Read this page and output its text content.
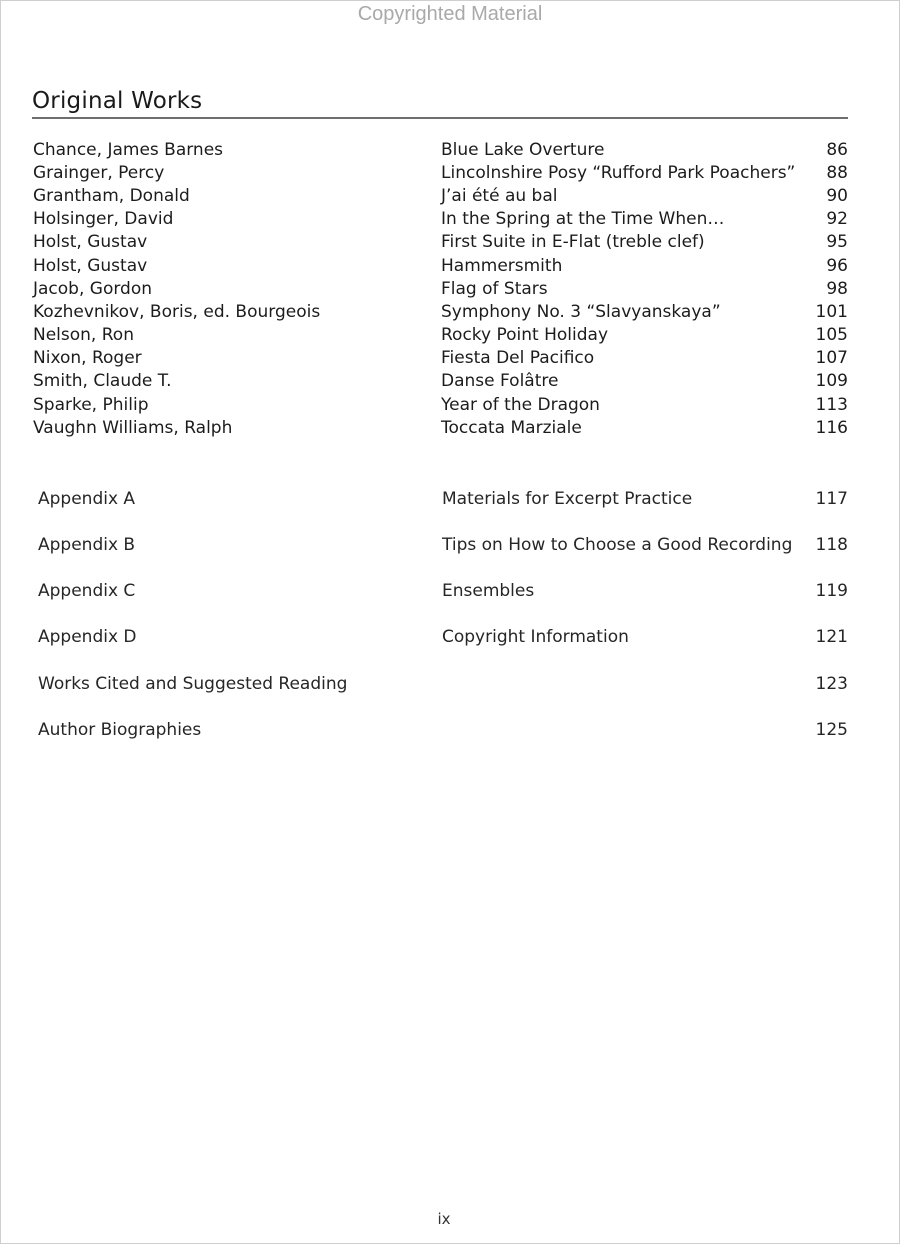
Copyrighted Material
Original Works
Chance, James Barnes	Blue Lake Overture	86
Grainger, Percy	Lincolnshire Posy “Rufford Park Poachers” 88
Grantham, Donald	J’ai été au bal	90
Holsinger, David	In the Spring at the Time When…	92
Holst, Gustav	First Suite in E-Flat (treble clef)	95
Holst, Gustav	Hammersmith	96
Jacob, Gordon	Flag of Stars	98
Kozhevnikov, Boris, ed. Bourgeois	Symphony No. 3 “Slavyanskaya”	101
Nelson, Ron	Rocky Point Holiday	105
Nixon, Roger	Fiesta Del Pacifico	107
Smith, Claude T.	Danse Folâtre	109
Sparke, Philip	Year of the Dragon	113
Vaughn Williams, Ralph	Toccata Marziale	116
Appendix A	Materials for Excerpt Practice	117
Appendix B	Tips on How to Choose a Good Recording 118
Appendix C	Ensembles	119
Appendix D	Copyright Information	121
Works Cited and Suggested Reading	123
Author Biographies	125
ix
